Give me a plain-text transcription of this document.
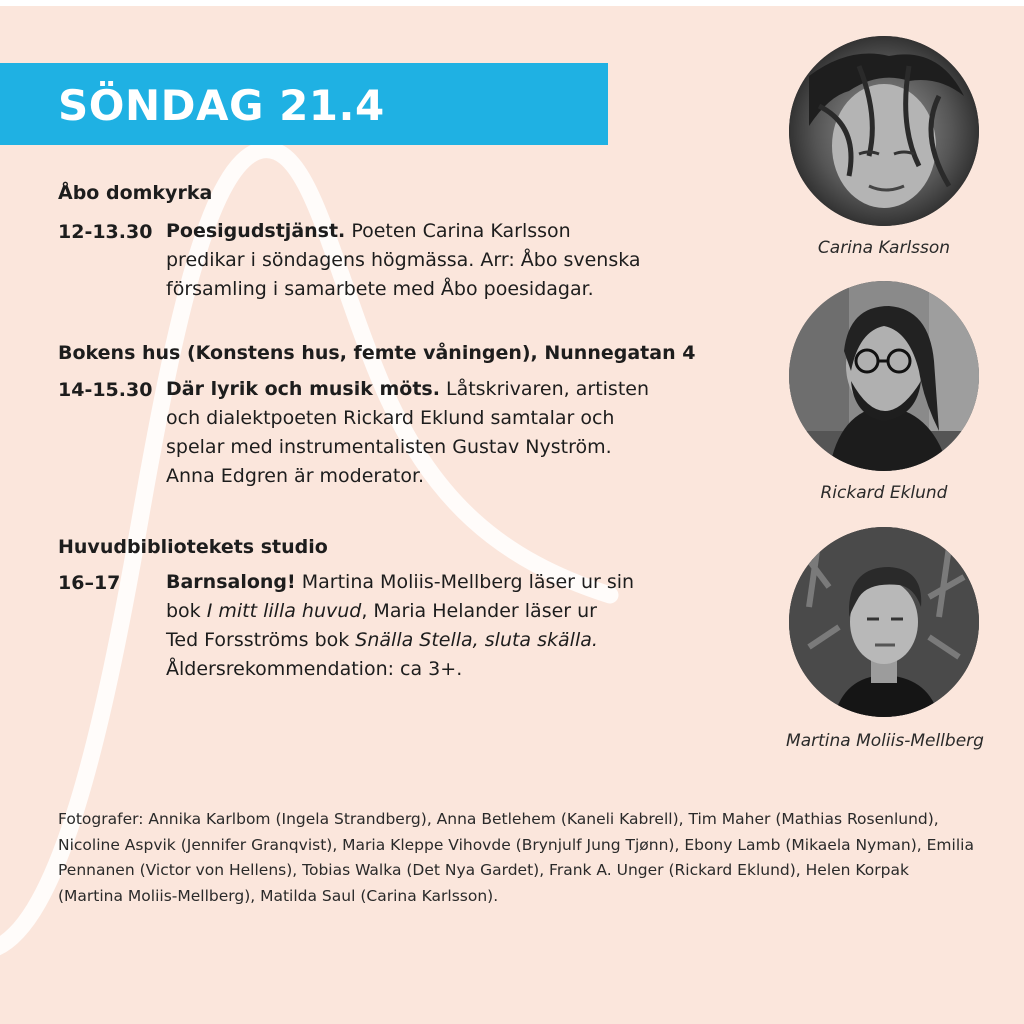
SÖNDAG 21.4
Åbo domkyrka
12-13.30 Poesigudstjänst. Poeten Carina Karlsson
predikar i söndagens högmässa. Arr: Åbo svenska
församling i samarbete med Åbo poesidagar.
Bokens hus (Konstens hus, femte våningen), Nunnegatan 4
14-15.30 Där lyrik och musik möts. Låtskrivaren, artisten
och dialektpoeten Rickard Eklund samtalar och
spelar med instrumentalisten Gustav Nyström.
Anna Edgren är moderator.
Huvudbibliotekets studio
16–17 Barnsalong! Martina Moliis-Mellberg läser ur sin
bok I mitt lilla huvud, Maria Helander läser ur
Ted Forsströms bok Snälla Stella, sluta skälla.
Åldersrekommendation: ca 3+.
Carina Karlsson
Rickard Eklund
Martina Moliis-Mellberg
Fotografer: Annika Karlbom (Ingela Strandberg), Anna Betlehem (Kaneli Kabrell), Tim Maher (Mathias Rosenlund), Nicoline Aspvik (Jennifer Granqvist), Maria Kleppe Vihovde (Brynjulf Jung Tjønn), Ebony Lamb (Mikaela Nyman), Emilia Pennanen (Victor von Hellens), Tobias Walka (Det Nya Gardet), Frank A. Unger (Rickard Eklund), Helen Korpak (Martina Moliis-Mellberg), Matilda Saul (Carina Karlsson).
